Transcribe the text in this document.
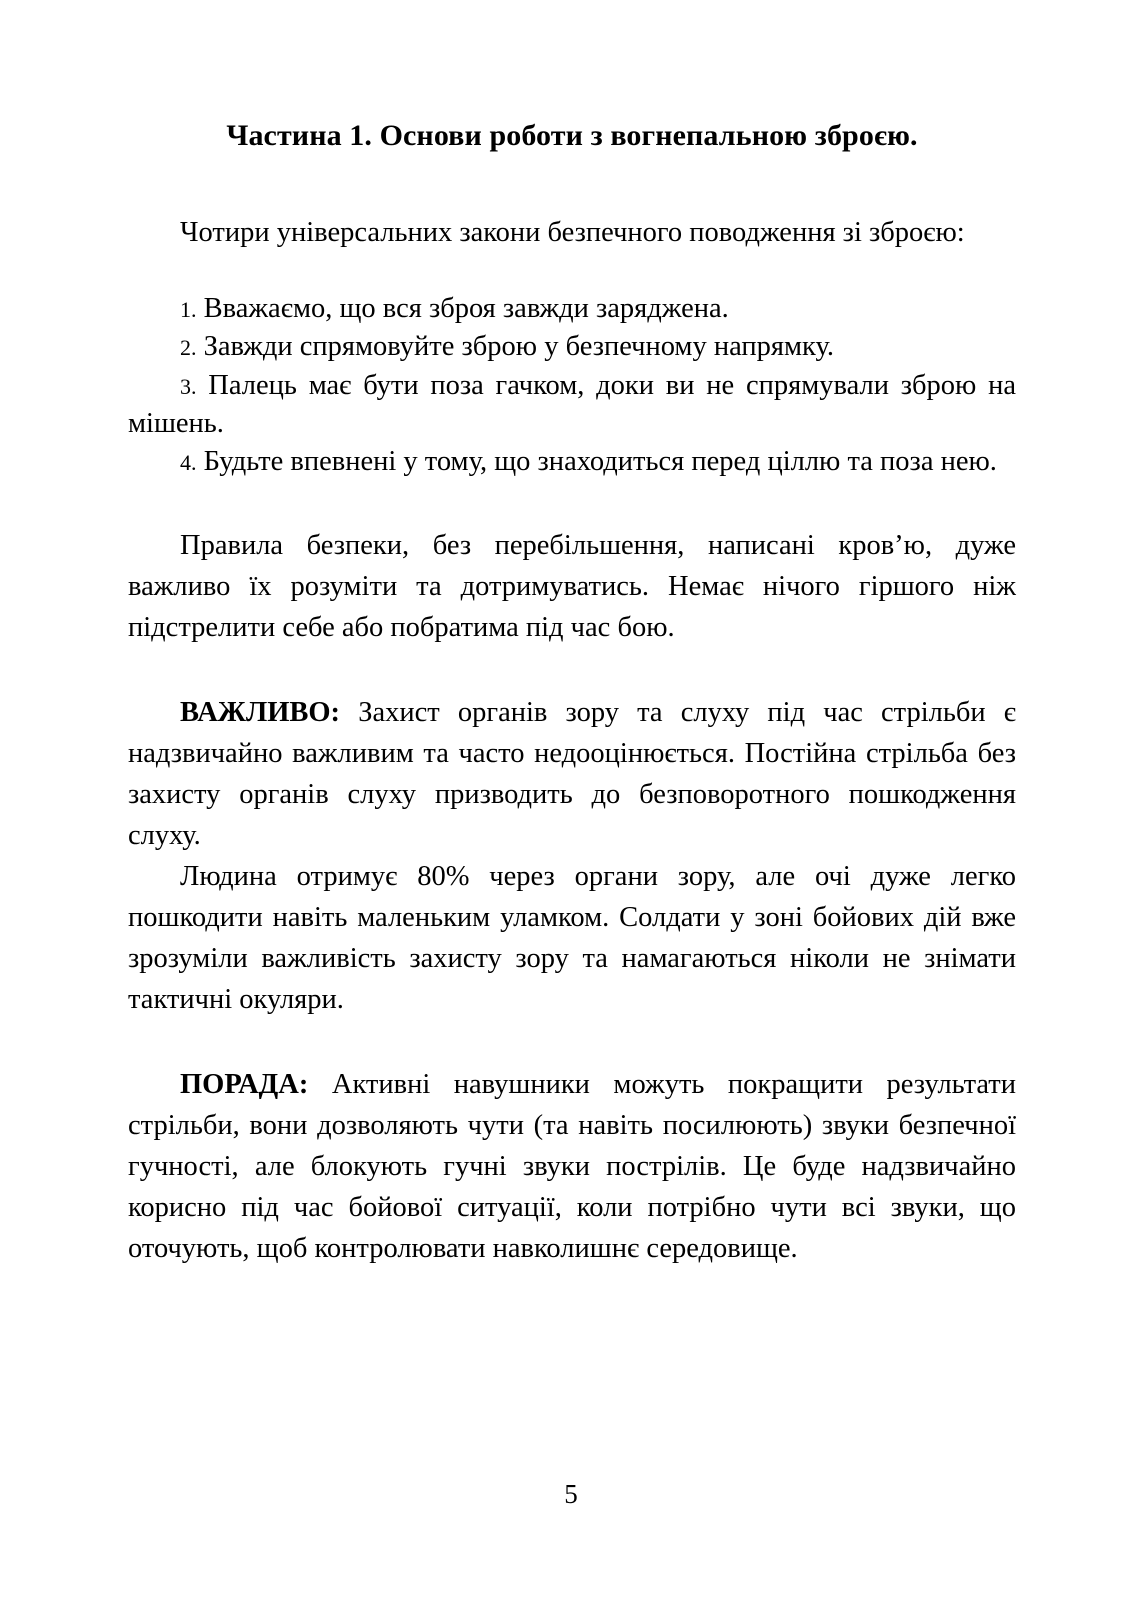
Частина 1. Основи роботи з вогнепальною зброєю.

Чотири універсальних закони безпечного поводження зі зброєю:

1. Вважаємо, що вся зброя завжди заряджена.

2. Завжди спрямовуйте зброю у безпечному напрямку.

3. Палець має бути поза гачком, доки ви не спрямували зброю на мішень.

4. Будьте впевнені у тому, що знаходиться перед ціллю та поза нею.

Правила безпеки, без перебільшення, написані кров’ю, дуже важливо їх розуміти та дотримуватись. Немає нічого гіршого ніж підстрелити себе або побратима під час бою.

ВАЖЛИВО: Захист органів зору та слуху під час стрільби є надзвичайно важливим та часто недооцінюється. Постійна стрільба без захисту органів слуху призводить до безповоротного пошкодження слуху.

Людина отримує 80% через органи зору, але очі дуже легко пошкодити навіть маленьким уламком. Солдати у зоні бойових дій вже зрозуміли важливість захисту зору та намагаються ніколи не знімати тактичні окуляри.

ПОРАДА: Активні навушники можуть покращити результати стрільби, вони дозволяють чути (та навіть посилюють) звуки безпечної гучності, але блокують гучні звуки пострілів. Це буде надзвичайно корисно під час бойової ситуації, коли потрібно чути всі звуки, що оточують, щоб контролювати навколишнє середовище.

5
